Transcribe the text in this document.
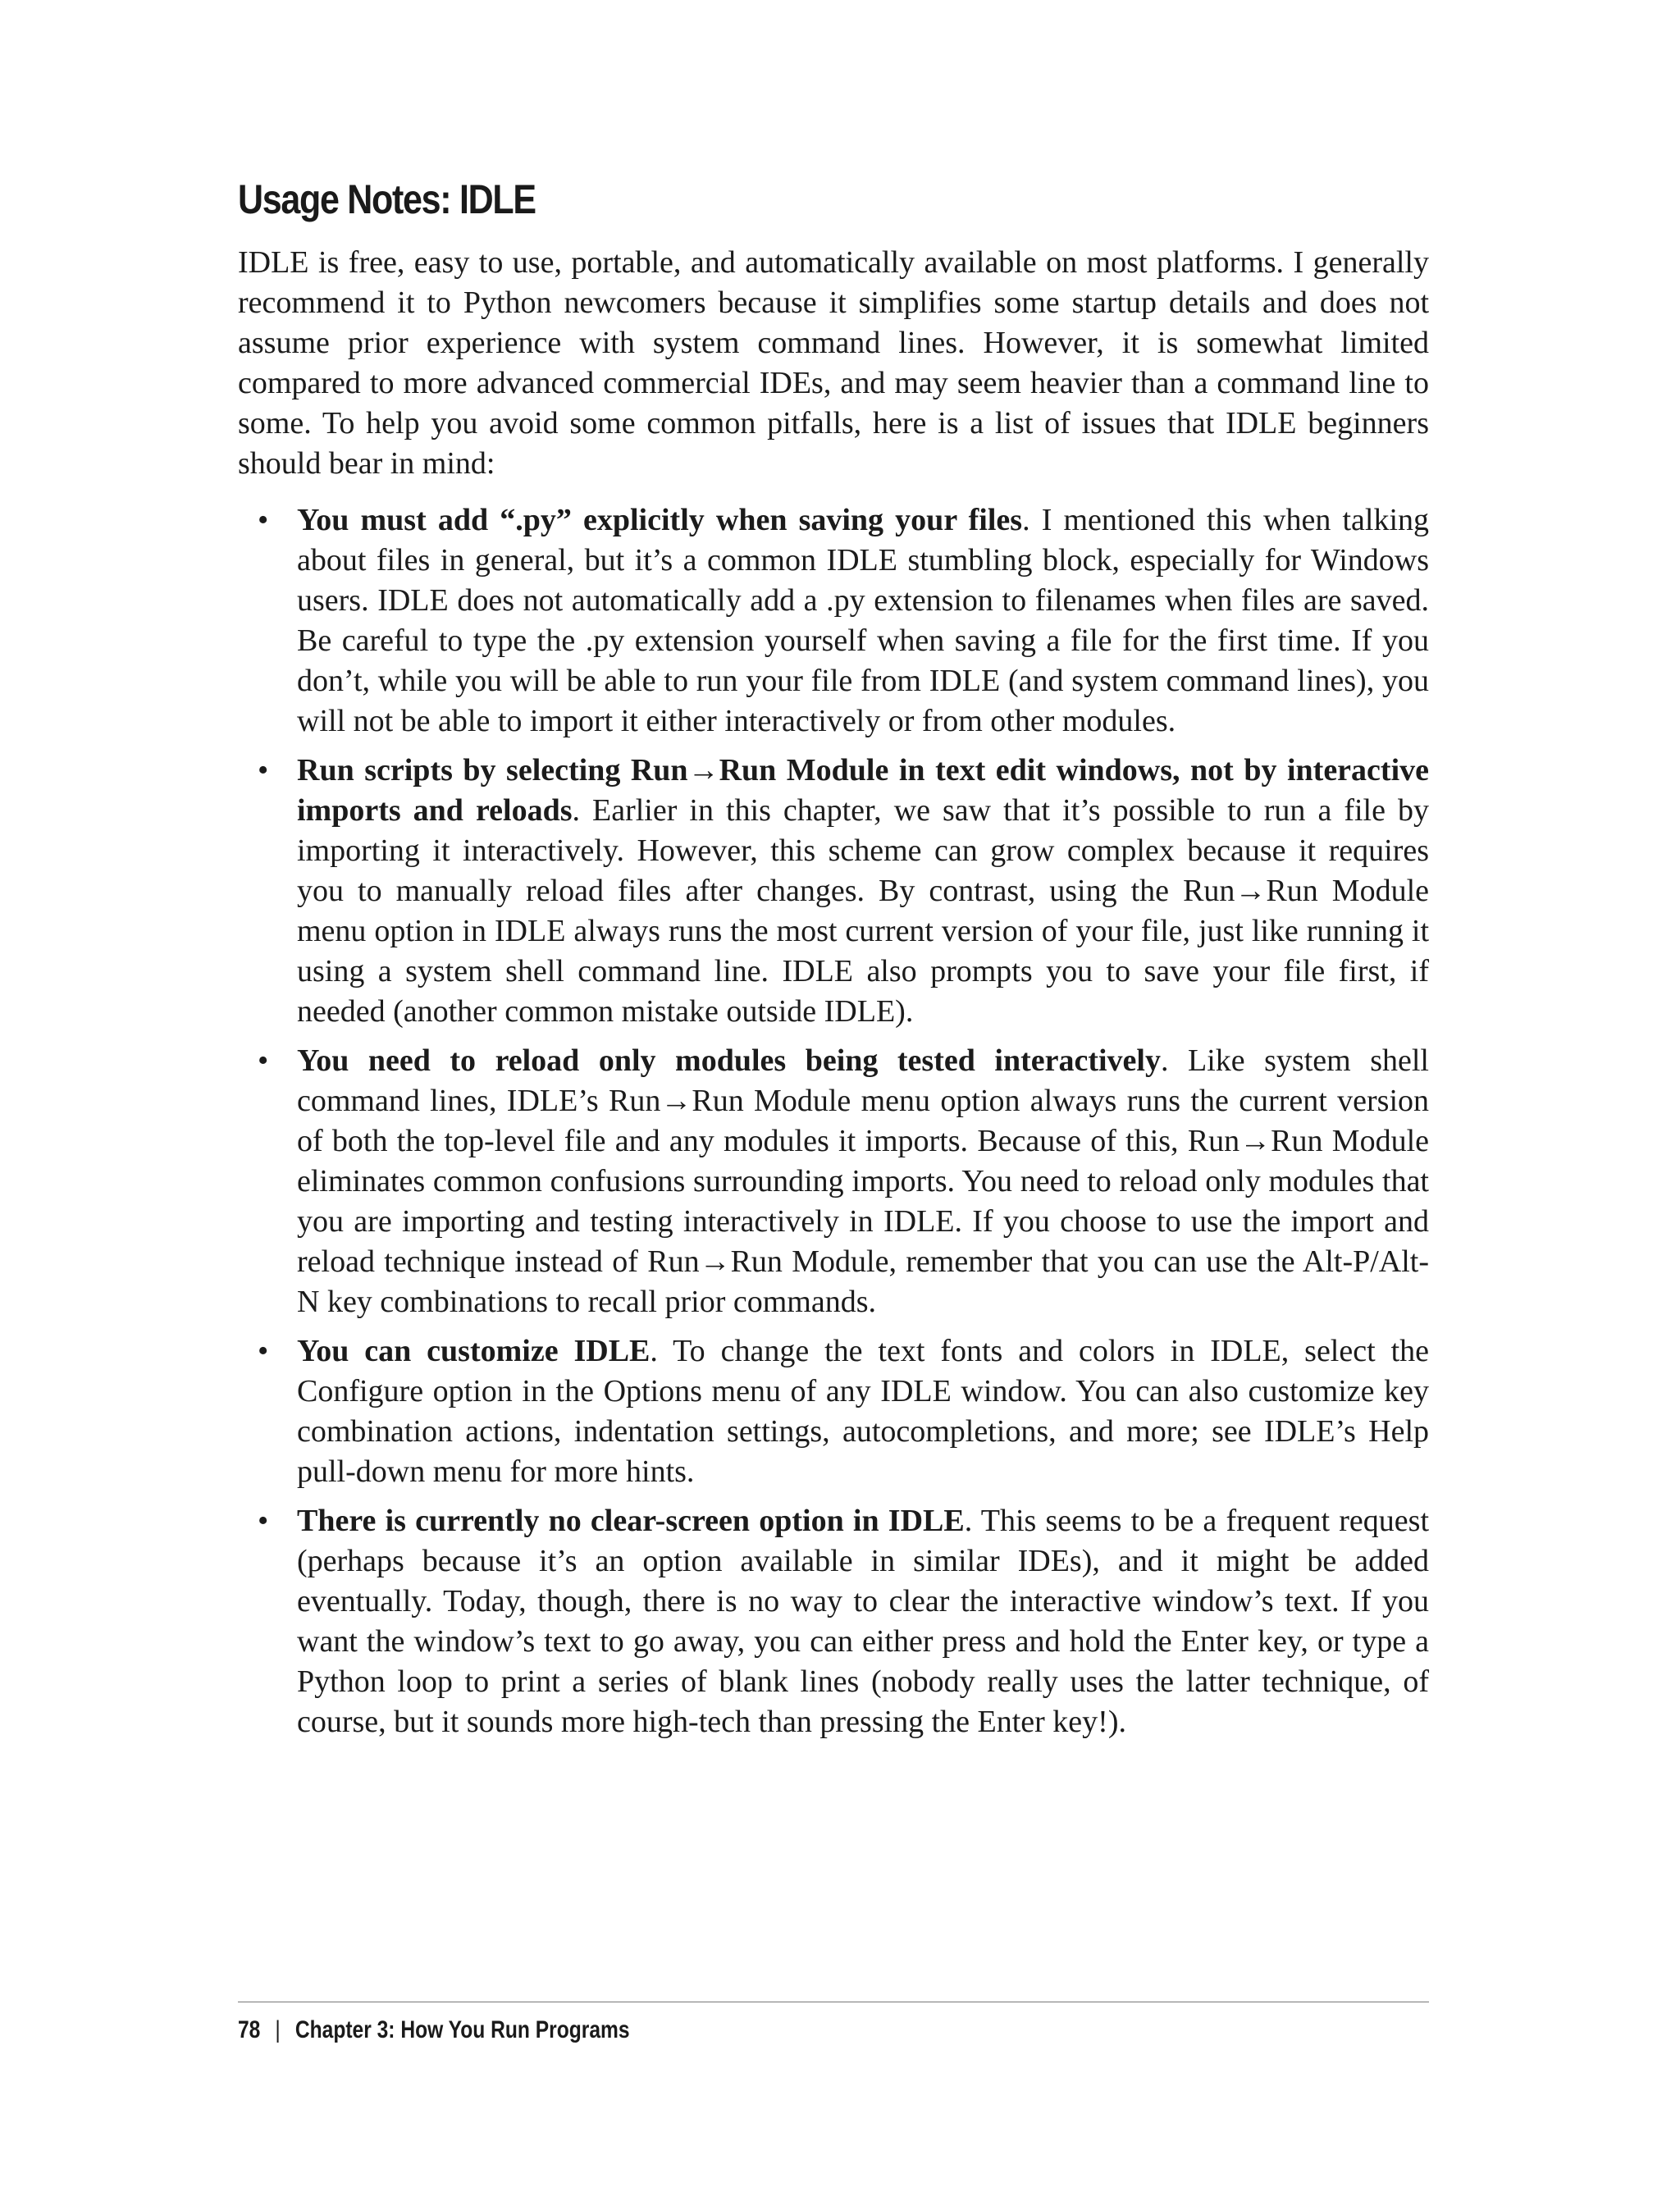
Usage Notes: IDLE

IDLE is free, easy to use, portable, and automatically available on most platforms. I generally recommend it to Python newcomers because it simplifies some startup details and does not assume prior experience with system command lines. However, it is somewhat limited compared to more advanced commercial IDEs, and may seem heavier than a command line to some. To help you avoid some common pitfalls, here is a list of issues that IDLE beginners should bear in mind:

• You must add “.py” explicitly when saving your files. I mentioned this when talking about files in general, but it’s a common IDLE stumbling block, especially for Windows users. IDLE does not automatically add a .py extension to filenames when files are saved. Be careful to type the .py extension yourself when saving a file for the first time. If you don’t, while you will be able to run your file from IDLE (and system command lines), you will not be able to import it either interactively or from other modules.
• Run scripts by selecting Run→Run Module in text edit windows, not by interactive imports and reloads. Earlier in this chapter, we saw that it’s possible to run a file by importing it interactively. However, this scheme can grow complex because it requires you to manually reload files after changes. By contrast, using the Run→Run Module menu option in IDLE always runs the most current version of your file, just like running it using a system shell command line. IDLE also prompts you to save your file first, if needed (another common mistake outside IDLE).
• You need to reload only modules being tested interactively. Like system shell command lines, IDLE’s Run→Run Module menu option always runs the current version of both the top-level file and any modules it imports. Because of this, Run→Run Module eliminates common confusions surrounding imports. You need to reload only modules that you are importing and testing interactively in IDLE. If you choose to use the import and reload technique instead of Run→Run Module, remember that you can use the Alt-P/Alt-N key combinations to recall prior commands.
• You can customize IDLE. To change the text fonts and colors in IDLE, select the Configure option in the Options menu of any IDLE window. You can also customize key combination actions, indentation settings, autocompletions, and more; see IDLE’s Help pull-down menu for more hints.
• There is currently no clear-screen option in IDLE. This seems to be a frequent request (perhaps because it’s an option available in similar IDEs), and it might be added eventually. Today, though, there is no way to clear the interactive window’s text. If you want the window’s text to go away, you can either press and hold the Enter key, or type a Python loop to print a series of blank lines (nobody really uses the latter technique, of course, but it sounds more high-tech than pressing the Enter key!).
78 | Chapter 3: How You Run Programs
